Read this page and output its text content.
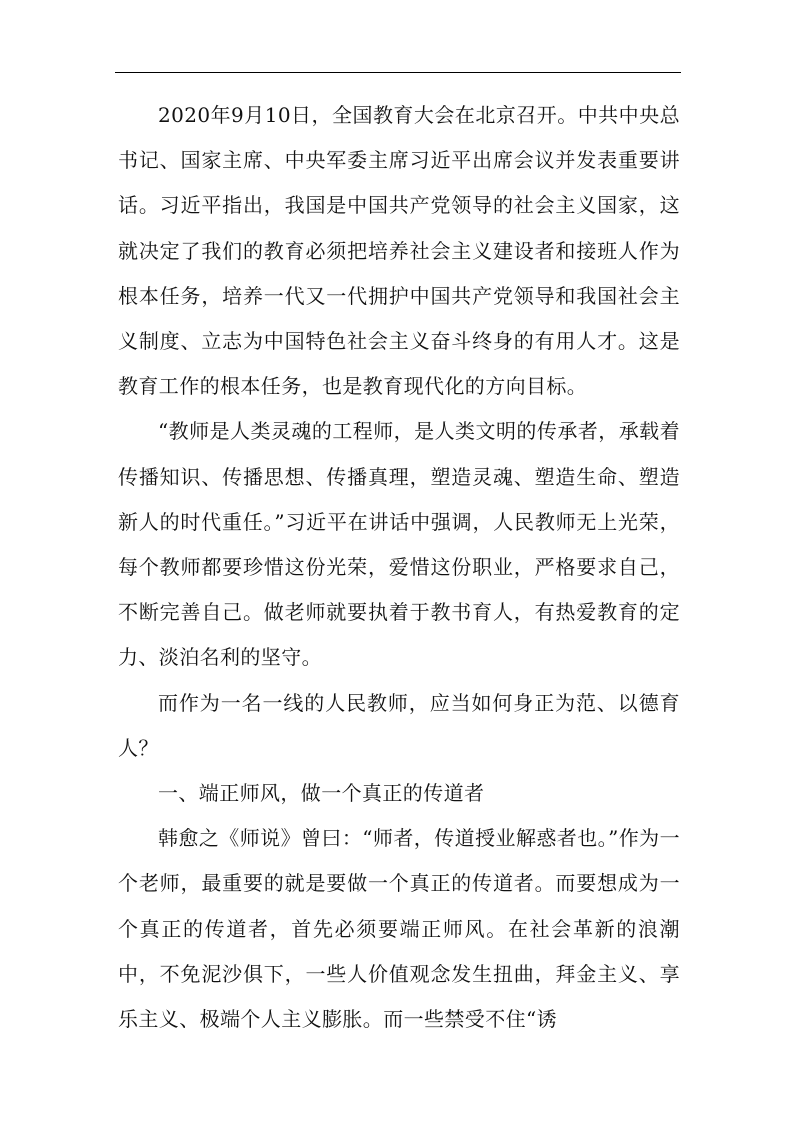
2020年9月10日，全国教育大会在北京召开。中共中央总书记、国家主席、中央军委主席习近平出席会议并发表重要讲话。习近平指出，我国是中国共产党领导的社会主义国家，这就决定了我们的教育必须把培养社会主义建设者和接班人作为根本任务，培养一代又一代拥护中国共产党领导和我国社会主义制度、立志为中国特色社会主义奋斗终身的有用人才。这是教育工作的根本任务，也是教育现代化的方向目标。

“教师是人类灵魂的工程师，是人类文明的传承者，承载着传播知识、传播思想、传播真理，塑造灵魂、塑造生命、塑造新人的时代重任。”习近平在讲话中强调，人民教师无上光荣，每个教师都要珍惜这份光荣，爱惜这份职业，严格要求自己，不断完善自己。做老师就要执着于教书育人，有热爱教育的定力、淡泊名利的坚守。

而作为一名一线的人民教师，应当如何身正为范、以德育人？

一、端正师风，做一个真正的传道者

韩愈之《师说》曾曰：“师者，传道授业解惑者也。”作为一个老师，最重要的就是要做一个真正的传道者。而要想成为一个真正的传道者，首先必须要端正师风。在社会革新的浪潮中，不免泥沙俱下，一些人价值观念发生扭曲，拜金主义、享乐主义、极端个人主义膨胀。而一些禁受不住“诱
